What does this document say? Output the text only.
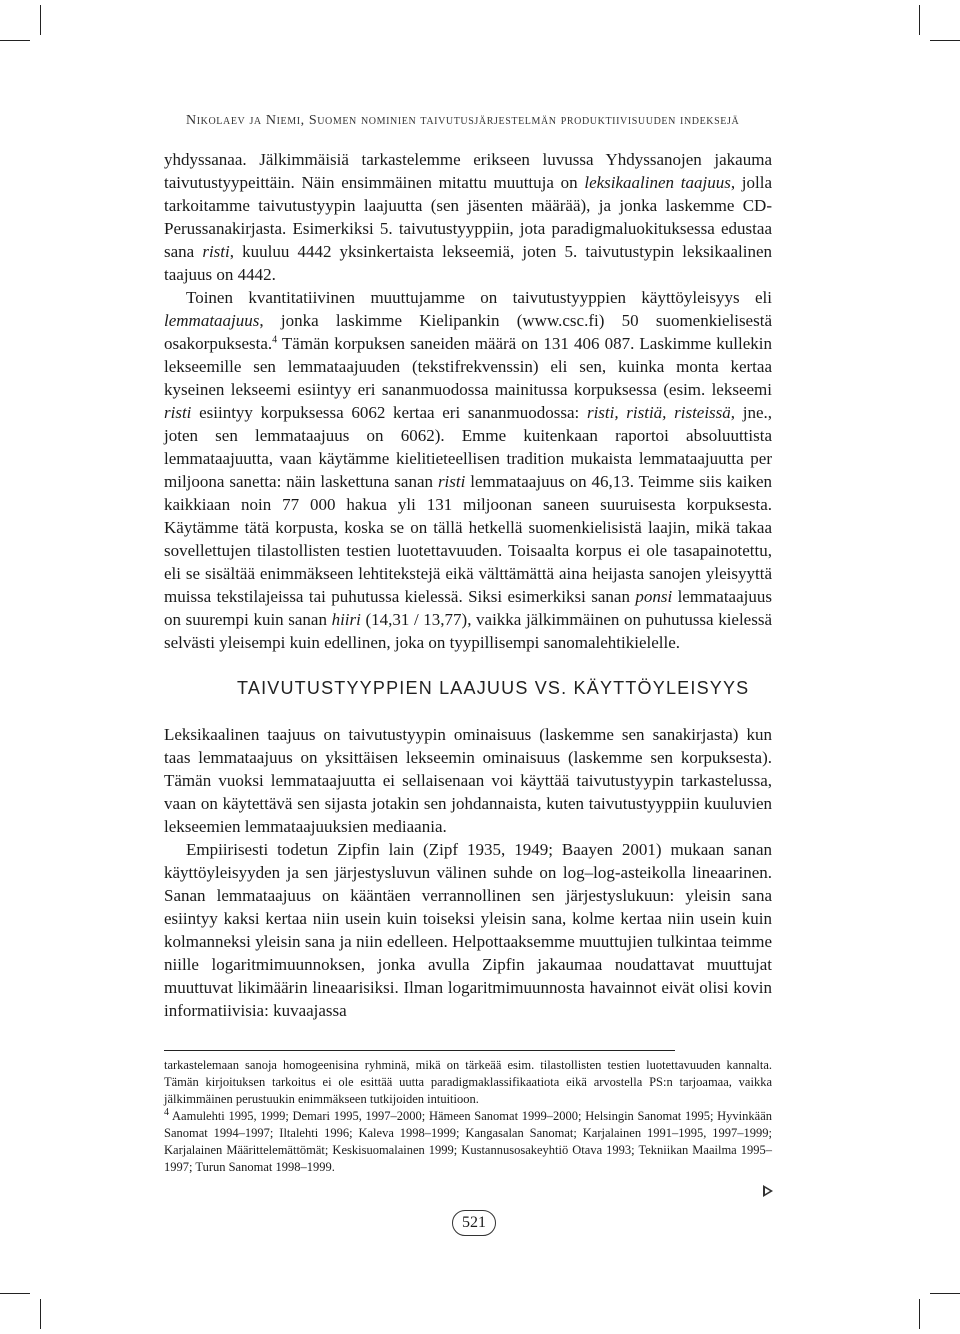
Nikolaev ja Niemi, Suomen nominien taivutusjärjestelmän produktiivisuuden indeksejä

yhdyssanaa. Jälkimmäisiä tarkastelemme erikseen luvussa Yhdyssanojen jakauma taivutustyypeittäin. Näin ensimmäinen mitattu muuttuja on leksikaalinen taajuus, jolla tarkoitamme taivutustyypin laajuutta (sen jäsenten määrää), ja jonka laskemme CD-Perussanakirjasta. Esimerkiksi 5. taivutustyyppiin, jota paradigmaluokituksessa edustaa sana risti, kuuluu 4442 yksinkertaista lekseemiä, joten 5. taivutustypin leksikaalinen taajuus on 4442.

Toinen kvantitatiivinen muuttujamme on taivutustyyppien käyttöyleisyys eli lemmataajuus, jonka laskimme Kielipankin (www.csc.fi) 50 suomenkielisestä osakorpuksesta.$^4$ Tämän korpuksen saneiden määrä on 131 406 087. Laskimme kullekin lekseemille sen lemmataajuuden (tekstifrekvenssin) eli sen, kuinka monta kertaa kyseinen lekseemi esiintyy eri sananmuodossa mainitussa korpuksessa (esim. lekseemi risti esiintyy korpuksessa 6062 kertaa eri sananmuodossa: risti, ristiä, risteissä, jne., joten sen lemmataajuus on 6062). Emme kuitenkaan raportoi absoluuttista lemmataajuutta, vaan käytämme kielitieteellisen tradition mukaista lemmataajuutta per miljoona sanetta: näin laskettuna sanan risti lemmataajuus on 46,13. Teimme siis kaiken kaikkiaan noin 77 000 hakua yli 131 miljoonan saneen suuruisesta korpuksesta. Käytämme tätä korpusta, koska se on tällä hetkellä suomenkielisistä laajin, mikä takaa sovellettujen tilastollisten testien luotettavuuden. Toisaalta korpus ei ole tasapainotettu, eli se sisältää enimmäkseen lehtitekstejä eikä välttämättä aina heijasta sanojen yleisyyttä muissa tekstilajeissa tai puhutussa kielessä. Siksi esimerkiksi sanan ponsi lemmataajuus on suurempi kuin sanan hiiri (14,31 / 13,77), vaikka jälkimmäinen on puhutussa kielessä selvästi yleisempi kuin edellinen, joka on tyypillisempi sanomalehtikielelle.

TAIVUTUSTYYPPIEN LAAJUUS VS. KÄYTTÖYLEISYYS

Leksikaalinen taajuus on taivutustyypin ominaisuus (laskemme sen sanakirjasta) kun taas lemmataajuus on yksittäisen lekseemin ominaisuus (laskemme sen korpuksesta). Tämän vuoksi lemmataajuutta ei sellaisenaan voi käyttää taivutustyypin tarkastelussa, vaan on käytettävä sen sijasta jotakin sen johdannaista, kuten taivutustyyppiin kuuluvien lekseemien lemmataajuuksien mediaania.

Empiirisesti todetun Zipfin lain (Zipf 1935, 1949; Baayen 2001) mukaan sanan käyttöyleisyyden ja sen järjestysluvun välinen suhde on log–log-asteikolla lineaarinen. Sanan lemmataajuus on kääntäen verrannollinen sen järjestyslukuun: yleisin sana esiintyy kaksi kertaa niin usein kuin toiseksi yleisin sana, kolme kertaa niin usein kuin kolmanneksi yleisin sana ja niin edelleen. Helpottaaksemme muuttujien tulkintaa teimme niille logaritmimuunnoksen, jonka avulla Zipfin jakaumaa noudattavat muuttujat muuttuvat likimäärin lineaarisiksi. Ilman logaritmimuunnosta havainnot eivät olisi kovin informatiivisia: kuvaajassa

tarkastelemaan sanoja homogeenisina ryhminä, mikä on tärkeää esim. tilastollisten testien luotettavuuden kannalta. Tämän kirjoituksen tarkoitus ei ole esittää uutta paradigmaklassifikaatiota eikä arvostella PS:n tarjoamaa, vaikka jälkimmäinen perustuukin enimmäkseen tutkijoiden intuitioon.

$^4$ Aamulehti 1995, 1999; Demari 1995, 1997–2000; Hämeen Sanomat 1999–2000; Helsingin Sanomat 1995; Hyvinkään Sanomat 1994–1997; Iltalehti 1996; Kaleva 1998–1999; Kangasalan Sanomat; Karjalainen 1991–1995, 1997–1999; Karjalainen Määrittelemättömät; Keskisuomalainen 1999; Kustannusosakeyhtiö Otava 1993; Tekniikan Maailma 1995–1997; Turun Sanomat 1998–1999.

521
